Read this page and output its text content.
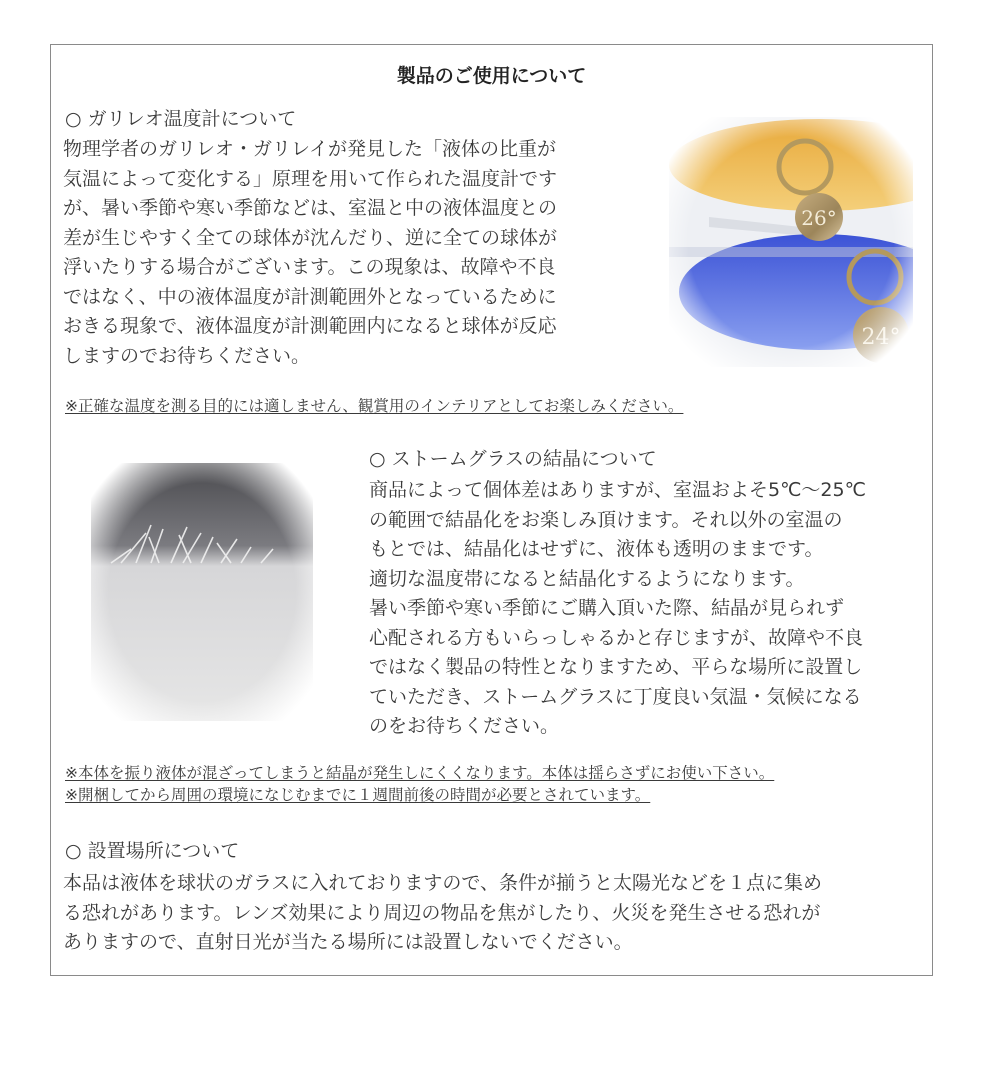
製品のご使用について
○ ガリレオ温度計について
物理学者のガリレオ・ガリレイが発見した「液体の比重が
気温によって変化する」原理を用いて作られた温度計です
が、暑い季節や寒い季節などは、室温と中の液体温度との
差が生じやすく全ての球体が沈んだり、逆に全ての球体が
浮いたりする場合がございます。この現象は、故障や不良
ではなく、中の液体温度が計測範囲外となっているために
おきる現象で、液体温度が計測範囲内になると球体が反応
しますのでお待ちください。
※正確な温度を測る目的には適しません、観賞用のインテリアとしてお楽しみください。
○ ストームグラスの結晶について
商品によって個体差はありますが、室温およそ5℃～25℃
の範囲で結晶化をお楽しみ頂けます。それ以外の室温の
もとでは、結晶化はせずに、液体も透明のままです。
適切な温度帯になると結晶化するようになります。
暑い季節や寒い季節にご購入頂いた際、結晶が見られず
心配される方もいらっしゃるかと存じますが、故障や不良
ではなく製品の特性となりますため、平らな場所に設置し
ていただき、ストームグラスに丁度良い気温・気候になる
のをお待ちください。
※本体を振り液体が混ざってしまうと結晶が発生しにくくなります。本体は揺らさずにお使い下さい。
※開梱してから周囲の環境になじむまでに１週間前後の時間が必要とされています。
○ 設置場所について
本品は液体を球状のガラスに入れておりますので、条件が揃うと太陽光などを１点に集め
る恐れがあります。レンズ効果により周辺の物品を焦がしたり、火災を発生させる恐れが
ありますので、直射日光が当たる場所には設置しないでください。
